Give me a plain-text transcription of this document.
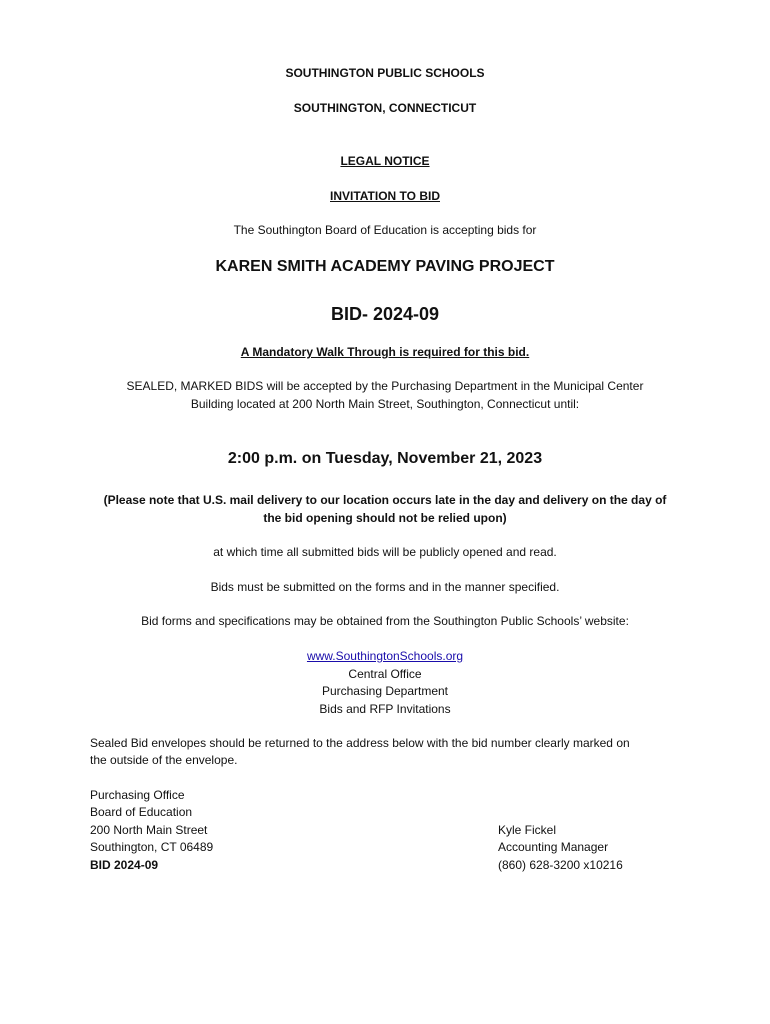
SOUTHINGTON PUBLIC SCHOOLS
SOUTHINGTON, CONNECTICUT
LEGAL NOTICE
INVITATION TO BID
The Southington Board of Education is accepting bids for
KAREN SMITH ACADEMY PAVING PROJECT
BID- 2024-09
A Mandatory Walk Through is required for this bid.
SEALED, MARKED BIDS will be accepted by the Purchasing Department in the Municipal Center
Building located at 200 North Main Street, Southington, Connecticut until:
2:00 p.m. on Tuesday, November 21, 2023
(Please note that U.S. mail delivery to our location occurs late in the day and delivery on the day of
the bid opening should not be relied upon)
at which time all submitted bids will be publicly opened and read.
Bids must be submitted on the forms and in the manner specified.
Bid forms and specifications may be obtained from the Southington Public Schools’ website:
www.SouthingtonSchools.org
Central Office
Purchasing Department
Bids and RFP Invitations
Sealed Bid envelopes should be returned to the address below with the bid number clearly marked on
the outside of the envelope.
Purchasing Office
Board of Education
200 North Main Street
Southington, CT 06489
BID 2024-09
Kyle Fickel
Accounting Manager
(860) 628-3200 x10216
